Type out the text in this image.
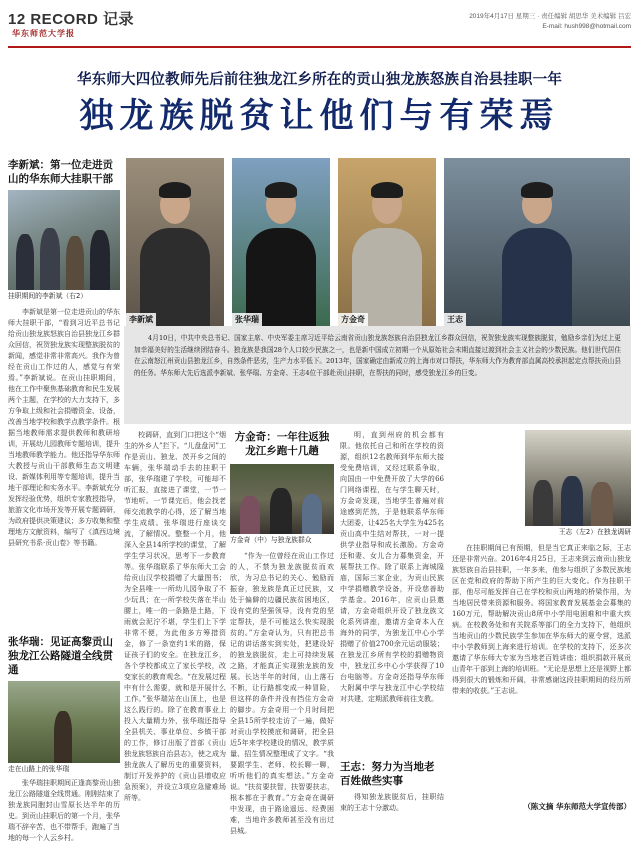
12 RECORD 记录
华东师范大学报
2019年4月17日 星期三 · 责任编辑 胡思华 美术编辑 吕宏
E-mail: hush998@hotmail.com
华东师大四位教师先后前往独龙江乡所在的贡山独龙族怒族自治县挂职一年
独龙族脱贫让他们与有荣焉
李新斌：第一位走进贡山的华东师大挂职干部
挂职期间的李新斌（右2）
李新斌是第一位走进贡山的华东师大挂职干部，“看到习近平总书记给贡山独龙族怒族自治县独龙江乡群众回信，祝贺独龙族实现整族脱贫的新闻，感觉非常非常高兴。我作为曾经在贡山工作过的人，感觉与有荣焉。”李新斌说。在贡山挂职期间，他在工作中聚焦基础教育和民生发展两个主题，在学校的大力支持下，多方争取上级和社会捐赠资金、设备，改善当地学校和教学点教学条件。根据当地教师需求提供教师和教研培训，开展幼儿园教师专题培训，提升当地教师教学能力。他还指导华东师大教授与贡山干部教师生态文明建设、新媒体利用等专题培训，提升当地干部理论和实务水平。李新斌充分发挥经验优势，组织专家教授指导，旅游文化市场开发等开展专题调研，为政府提供决策建议；多方收集和整理地方文献资料，编写了《滇西边境县研究书系·贡山卷》等书籍。
张华瑞：见证高黎贡山独龙江公路隧道全线贯通
走在山路上的张华瑞
张华瑞挂职期间正逢高黎贡山独龙江公路隧道全线贯通。刚刚结束了独龙族同胞封山雪原长达半年的历史。到贡山挂职后的第一个月，张华瑞不辞辛苦，也不带帮手，跑遍了当地的每一个人云乡村。
李新斌	张华瑞	方金奇	王志
4月10日，中共中央总书记、国家主席、中央军委主席习近平给云南省贡山独龙族怒族自治县独龙江乡群众回信，祝贺独龙族实现整族脱贫，勉励乡亲们为过上更加幸福美好的生活继续团结奋斗。独龙族是我国28个人口较少民族之一，也是新中国成立初期一个从原始社会末期直接过渡到社会主义社会的少数民族。他们世代居住在云南怒江州贡山县独龙江乡，自然条件恶劣，生产力水平低下。2013年，国家确定由新成立的上海市对口帮扶，华东师大作为教育部直属高校承担起定点帮扶贡山县的任务。华东师大先后选派李新斌、张华瑞、方金奇、王志4位干部赴贡山挂职，在帮扶的同时，感受独龙江乡的巨变。
校调研，直到门口把这个“烟生的外乡人”拦下。“儿盘盘河”工作是贡山、独龙、茨开乡之间的车辆，张华瑞动手去的挂职干部，张华瑞建了学校，可能却不听汇报，直接进了课堂，一节一节地听。一节课完后，他会找老师交流教学的心得，还了解当地学生成绩。张华瑞进行座谈交流，了解情况。整整一个月，他深入全县14所学校的课堂，了解学生学习状况，思考下一步教育等。张华瑞联系了华东师大工会给贡山汉学校捐赠了大量图书；为全县唯一一所幼儿园争取了不少玩具；在一所学校失落在半山腰上，唯一的一条路是土路，下雨就会泥泞不堪，学生们上下学非常不便，为此他多方筹措资金，修了一条宽约1米的路，保证孩子们的安全。在独龙江乡，各个学校都成立了家长学校，改变家长的教育观念。“在发展过程中有什么需要，就和是开展什么工作。”张华瑞站在山顶上，也是这么践行的。除了在教育事业上投入大量精力外，张华瑞还指导全县机关、事业单位、乡镇干部的工作，修订出版了首部《贡山独龙族怒族自治县志》，使之成为独龙族人了解历史的重要资料，制订开发养护的《贡山县增收应急预案》，并设立3项应急避难场所等。
方金奇：一年往返独龙江乡跑十几趟
方金奇（中）与独龙族群众
“作为一位曾经在贡山工作过的人，不禁为独龙族脱贫而欢欣，为习总书记的关心、勉励而振奋，独龙族是真正过民族，又处于偏僻的边疆民族贫困地区，没有党的坚强领导，没有党的坚定帮扶，是不可能这么快实现脱贫的。”方金奇认为，只有把总书记的讲话落实到实处，把建设好的独龙族脱贫，走上可持续发展之路，才能真正实现独龙族的发展。长达半年的时间，山上落石不断，让行路都变成一种冒险，但这样的条件并没有挡住方金奇的脚步。方金奇用一个月时间把全县15所学校走访了一遍，做好对贡山学校摸底和调研，把全县近5年来学校建设的情况，教学质量、招生情况整理成了文字。“我要跟学生、老师、校长聊一聊，听听他们的真实想法。”方金奇说。“扶贫要扶智，扶智要扶志，根本都在于教育。”方金奇在调研中发现，由于路途遥远、经费困难，当地许多教师甚至没有出过县城。
明，直到州府的机会都有限。他依托自己和所在学校的资源，组织12名教师到华东师大接受免费培训，又经过联系争取，向国由一中免费开放了大学的66门网络课程，在与学生聊天时，方金奇发现，当地学生普遍对前途感到茫然，于是他联系华东师大团委，让425名大学生为425名贡山高中生结对帮扶，一对一提供学业指导和成长激励。方金奇还和妻、女儿合力募集资金，开展帮扶工作。除了联系上海城隍庙，国际三家企业，为贡山民族中学捐赠教学设备，开设慈善助学基金。2016年，应贡山县邀请，方金奇组织开设了独龙族文化系列讲座，邀请方金奇本人在海外的同学，为独龙江中心小学捐赠了价值2700余元运动服装；在独龙江乡所有学校的捐赠物资中，独龙江乡中心小学获得了10台电脑等。方金奇还指导华东师大附属中学与独龙江中心学校结对共建，定期派教师前往支教。
王志：努力为当地老百姓做些实事
得知独龙族脱贫后，挂职结束的王志十分激动。
王志（左2）在独龙调研
在挂职期间已有预期，但是当它真正来临之际，王志还是非常兴奋。2016年4月25日，王志来到云南贡山独龙族怒族自治县挂职，一年多来，他参与组织了多数民族地区在党和政府的帮助下所产生的巨大变化。作为挂职干部，他尽可能发挥自己在学校和贡山两地的桥梁作用，为当地居民带来资源和服务。将国家教育发展基金会募集的160万元，帮助解决贡山8所中小学用电困难和中重大疾病。在校教务处和有关院系等部门的全力支持下，他组织当地贡山的少数民族学生参加在华东师大的夏令营，选派中小学教师到上海来进行培训。在学校的支持下，还多次邀请了华东师大专家为当地老百姓讲座；组织捐款开展贡山青年干部到上海的培训班。“无论是思想上还是视野上都得到很大的锻炼和开阔，非常感谢这段挂职期间的经历所带来的收获。”王志说。
（陈文摘 华东师范大学宣传部）
